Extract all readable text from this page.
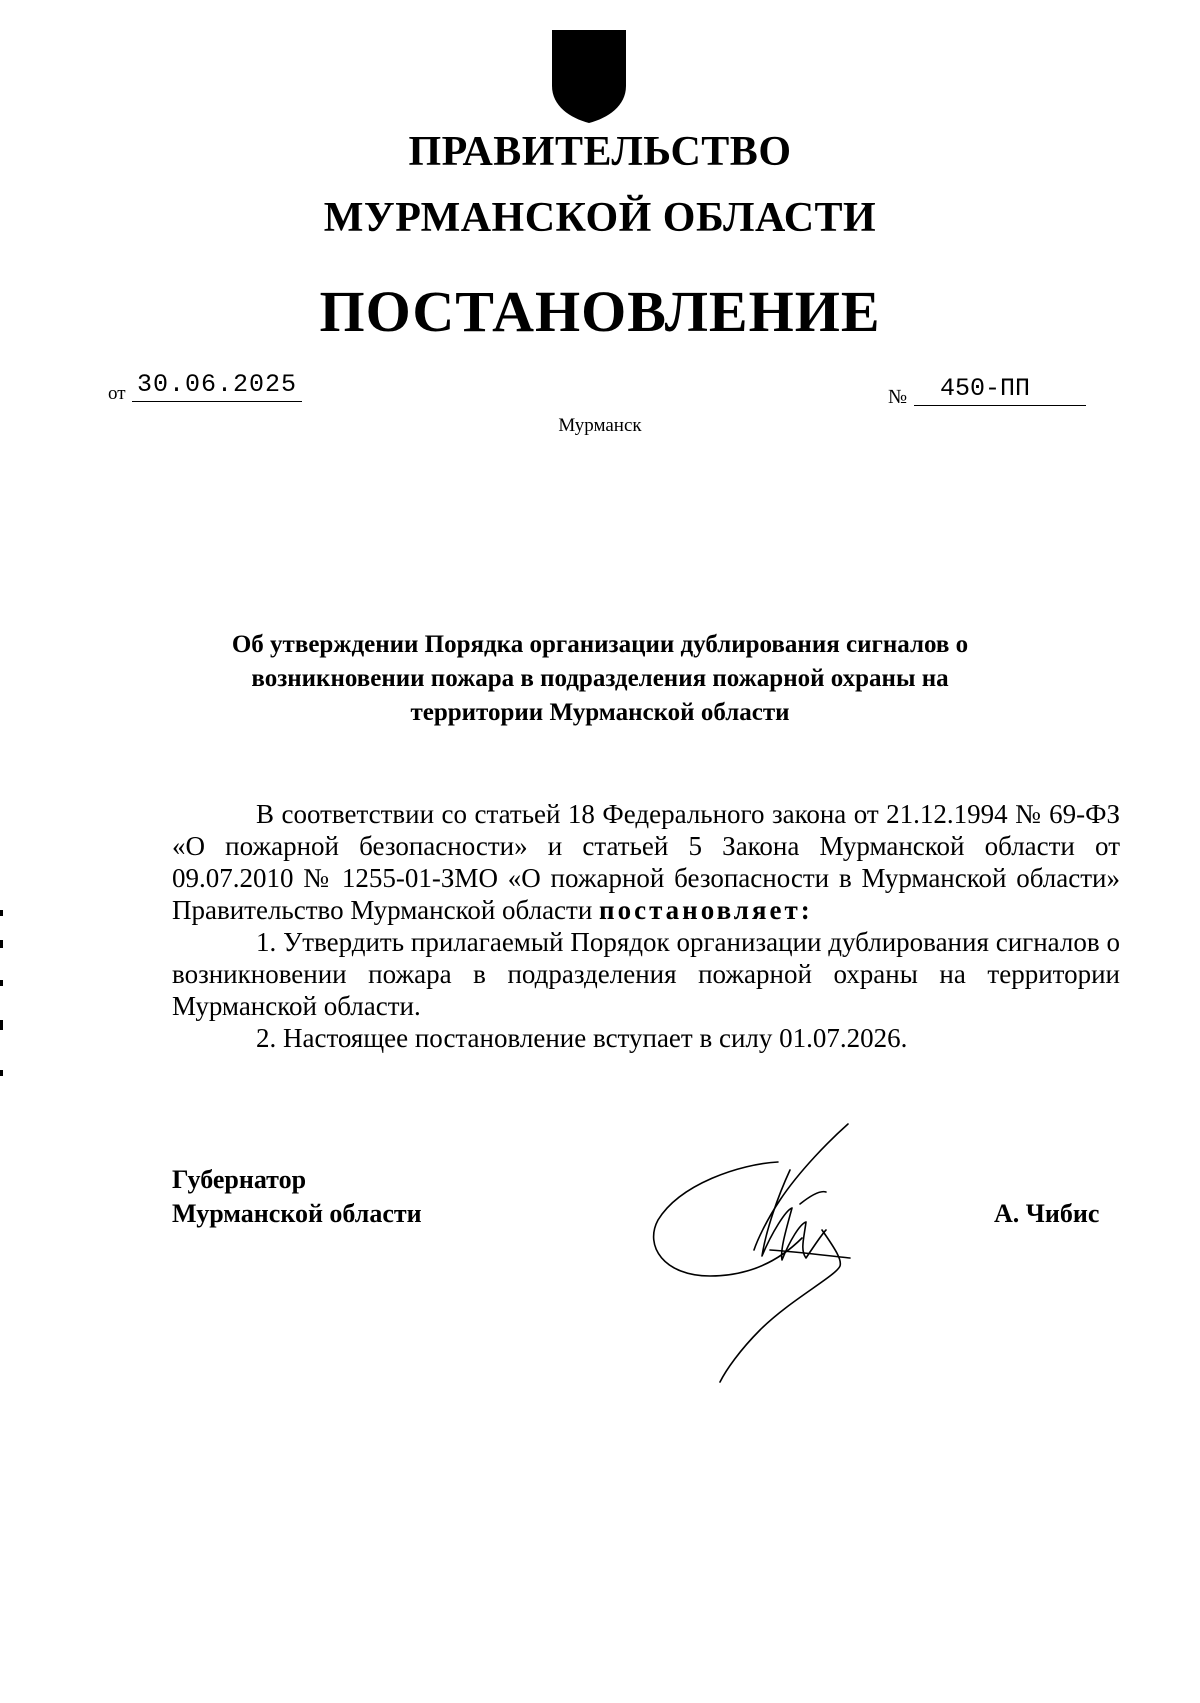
ПРАВИТЕЛЬСТВО
МУРМАНСКОЙ ОБЛАСТИ
ПОСТАНОВЛЕНИЕ
от 30.06.2025	№	450-ПП
Мурманск
Об утверждении Порядка организации дублирования сигналов о
возникновении пожара в подразделения пожарной охраны на
территории Мурманской области

В соответствии со статьей 18 Федерального закона от 21.12.1994 № 69-ФЗ «О пожарной безопасности» и статьей 5 Закона Мурманской области от 09.07.2010 № 1255-01-ЗМО «О пожарной безопасности в Мурманской области» Правительство Мурманской области постановляет:

1. Утвердить прилагаемый Порядок организации дублирования сигналов о возникновении пожара в подразделения пожарной охраны на территории Мурманской области.

2. Настоящее постановление вступает в силу 01.07.2026.

Губернатор
Мурманской области	А. Чибис
